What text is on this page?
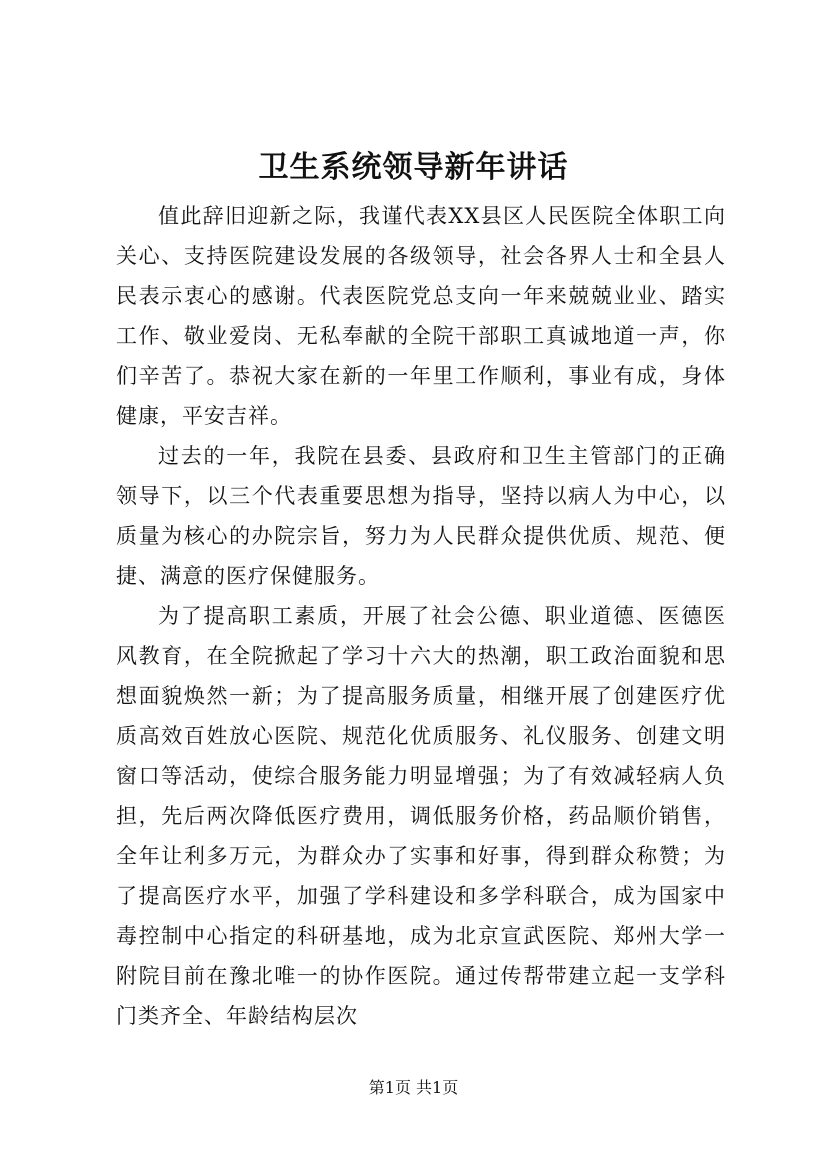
卫生系统领导新年讲话

值此辞旧迎新之际，我谨代表XX县区人民医院全体职工向关心、支持医院建设发展的各级领导，社会各界人士和全县人民表示衷心的感谢。代表医院党总支向一年来兢兢业业、踏实工作、敬业爱岗、无私奉献的全院干部职工真诚地道一声，你们辛苦了。恭祝大家在新的一年里工作顺利，事业有成，身体健康，平安吉祥。

过去的一年，我院在县委、县政府和卫生主管部门的正确领导下，以三个代表重要思想为指导，坚持以病人为中心，以质量为核心的办院宗旨，努力为人民群众提供优质、规范、便捷、满意的医疗保健服务。

为了提高职工素质，开展了社会公德、职业道德、医德医风教育，在全院掀起了学习十六大的热潮，职工政治面貌和思想面貌焕然一新；为了提高服务质量，相继开展了创建医疗优质高效百姓放心医院、规范化优质服务、礼仪服务、创建文明窗口等活动，使综合服务能力明显增强；为了有效减轻病人负担，先后两次降低医疗费用，调低服务价格，药品顺价销售，全年让利多万元，为群众办了实事和好事，得到群众称赞；为了提高医疗水平，加强了学科建设和多学科联合，成为国家中毒控制中心指定的科研基地，成为北京宣武医院、郑州大学一附院目前在豫北唯一的协作医院。通过传帮带建立起一支学科门类齐全、年龄结构层次

第1页 共1页
